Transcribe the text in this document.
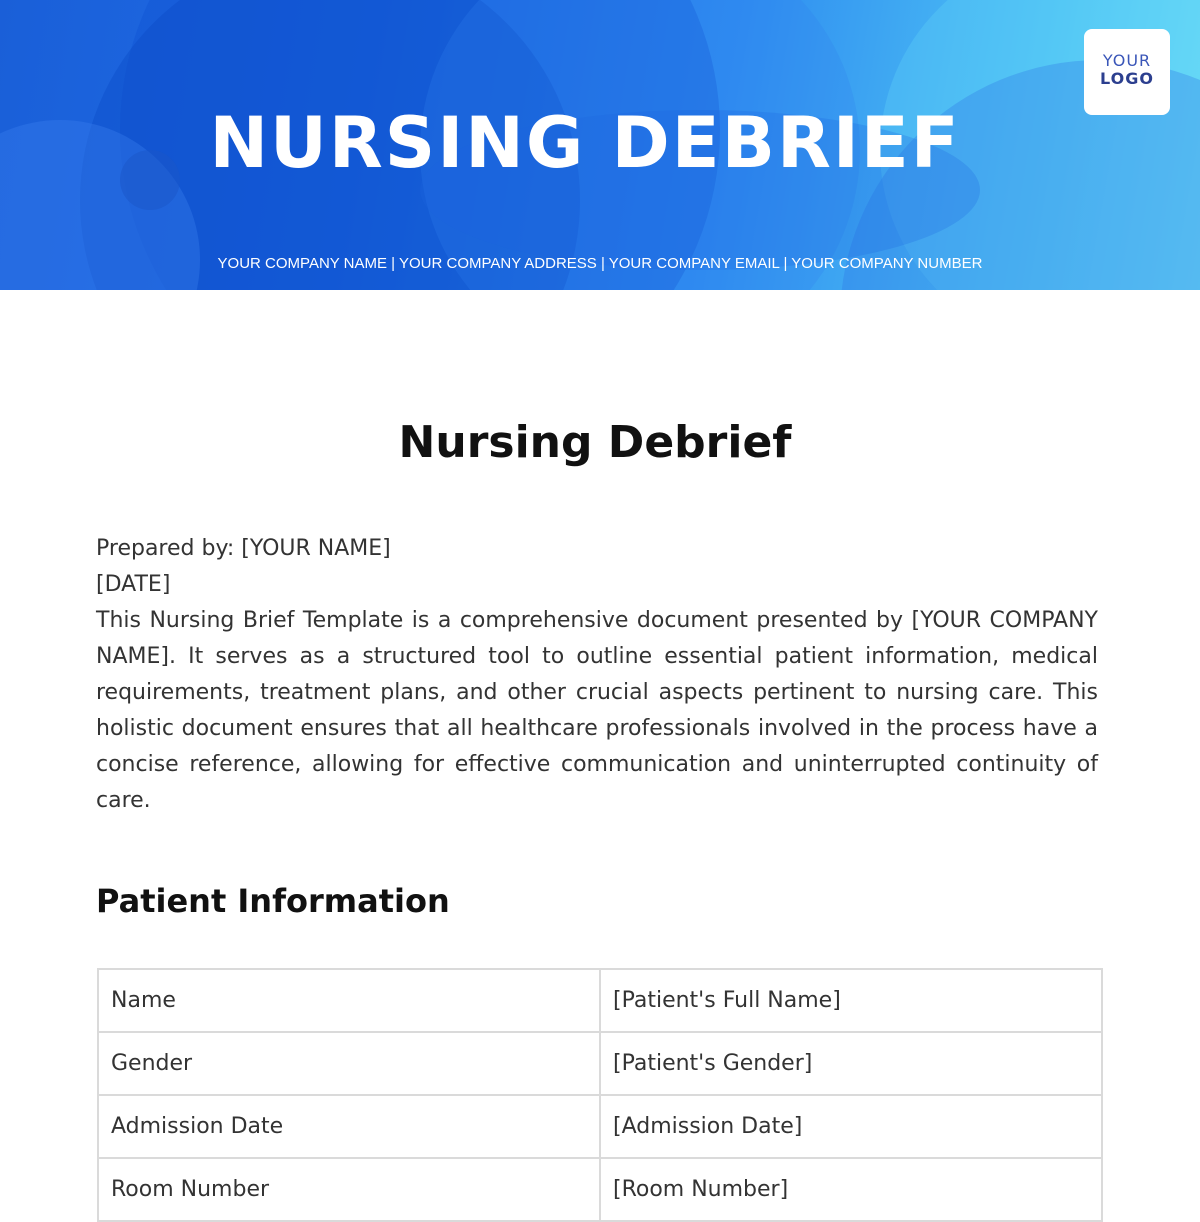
NURSING DEBRIEF
YOUR COMPANY NAME | YOUR COMPANY ADDRESS | YOUR COMPANY EMAIL | YOUR COMPANY NUMBER
YOUR
LOGO
Nursing Debrief

Prepared by: [YOUR NAME]

[DATE]

This Nursing Brief Template is a comprehensive document presented by [YOUR COMPANY NAME]. It serves as a structured tool to outline essential patient information, medical requirements, treatment plans, and other crucial aspects pertinent to nursing care. This holistic document ensures that all healthcare professionals involved in the process have a concise reference, allowing for effective communication and uninterrupted continuity of care.

Patient Information
Name	[Patient's Full Name]
Gender	[Patient's Gender]
Admission Date	[Admission Date]
Room Number	[Room Number]
